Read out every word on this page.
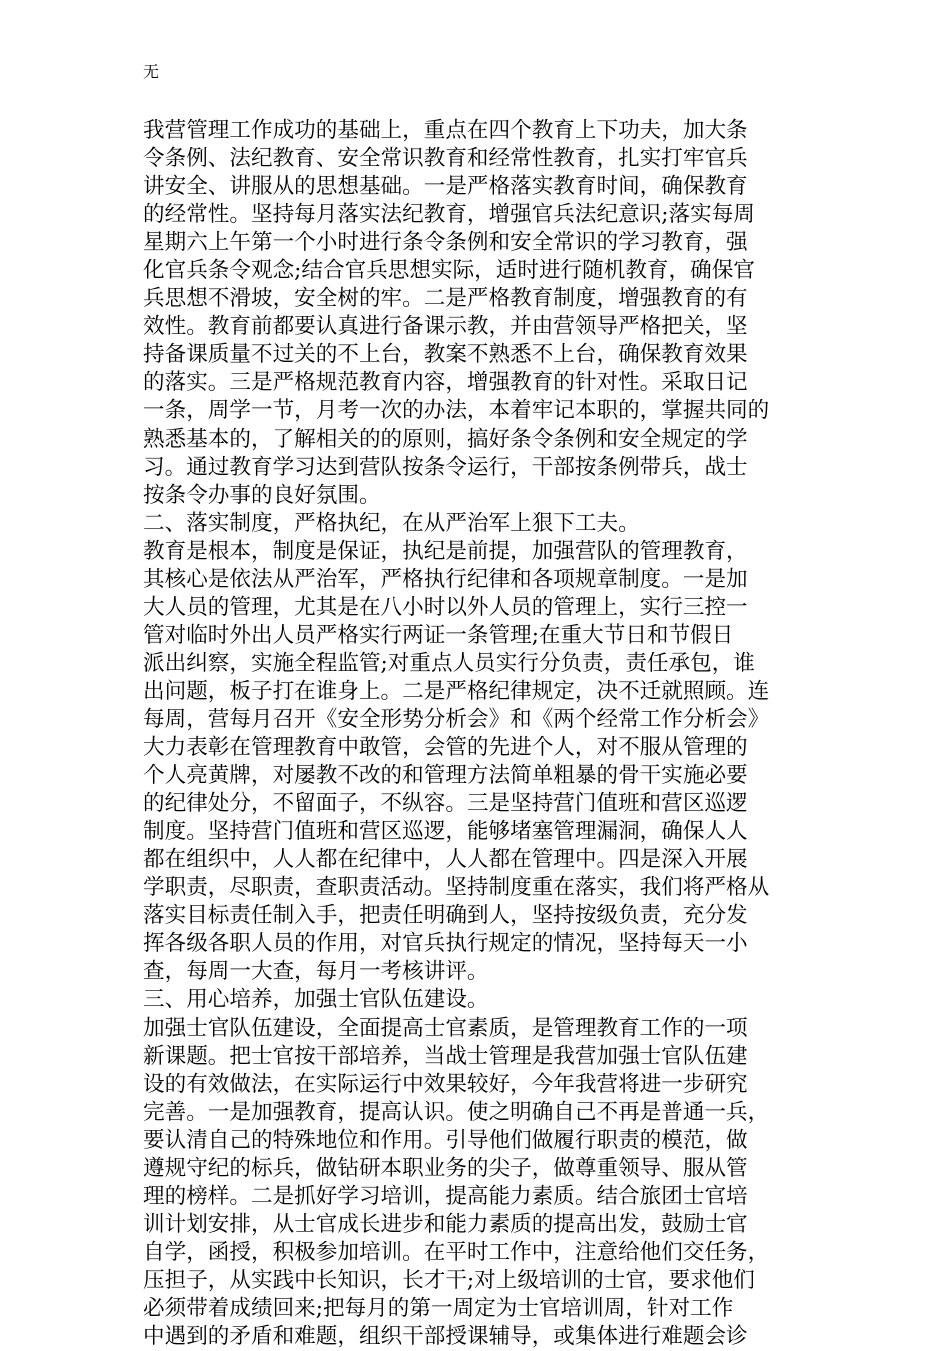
无
我营管理工作成功的基础上，重点在四个教育上下功夫，加大条
令条例、法纪教育、安全常识教育和经常性教育，扎实打牢官兵
讲安全、讲服从的思想基础。一是严格落实教育时间，确保教育
的经常性。坚持每月落实法纪教育，增强官兵法纪意识;落实每周
星期六上午第一个小时进行条令条例和安全常识的学习教育，强
化官兵条令观念;结合官兵思想实际，适时进行随机教育，确保官
兵思想不滑坡，安全树的牢。二是严格教育制度，增强教育的有
效性。教育前都要认真进行备课示教，并由营领导严格把关，坚
持备课质量不过关的不上台，教案不熟悉不上台，确保教育效果
的落实。三是严格规范教育内容，增强教育的针对性。采取日记
一条，周学一节，月考一次的办法，本着牢记本职的，掌握共同的
熟悉基本的，了解相关的的原则，搞好条令条例和安全规定的学
习。通过教育学习达到营队按条令运行，干部按条例带兵，战士
按条令办事的良好氛围。
二、落实制度，严格执纪，在从严治军上狠下工夫。
教育是根本，制度是保证，执纪是前提，加强营队的管理教育，
其核心是依法从严治军，严格执行纪律和各项规章制度。一是加
大人员的管理，尤其是在八小时以外人员的管理上，实行三控一
管对临时外出人员严格实行两证一条管理;在重大节日和节假日
派出纠察，实施全程监管;对重点人员实行分负责，责任承包，谁
出问题，板子打在谁身上。二是严格纪律规定，决不迁就照顾。连
每周，营每月召开《安全形势分析会》和《两个经常工作分析会》
大力表彰在管理教育中敢管，会管的先进个人，对不服从管理的
个人亮黄牌，对屡教不改的和管理方法简单粗暴的骨干实施必要
的纪律处分，不留面子，不纵容。三是坚持营门值班和营区巡逻
制度。坚持营门值班和营区巡逻，能够堵塞管理漏洞，确保人人
都在组织中，人人都在纪律中，人人都在管理中。四是深入开展
学职责，尽职责，查职责活动。坚持制度重在落实，我们将严格从
落实目标责任制入手，把责任明确到人，坚持按级负责，充分发
挥各级各职人员的作用，对官兵执行规定的情况，坚持每天一小
查，每周一大查，每月一考核讲评。
三、用心培养，加强士官队伍建设。
加强士官队伍建设，全面提高士官素质，是管理教育工作的一项
新课题。把士官按干部培养，当战士管理是我营加强士官队伍建
设的有效做法，在实际运行中效果较好，今年我营将进一步研究
完善。一是加强教育，提高认识。使之明确自己不再是普通一兵，
要认清自己的特殊地位和作用。引导他们做履行职责的模范，做
遵规守纪的标兵，做钻研本职业务的尖子，做尊重领导、服从管
理的榜样。二是抓好学习培训，提高能力素质。结合旅团士官培
训计划安排，从士官成长进步和能力素质的提高出发，鼓励士官
自学，函授，积极参加培训。在平时工作中，注意给他们交任务，
压担子，从实践中长知识，长才干;对上级培训的士官，要求他们
必须带着成绩回来;把每月的第一周定为士官培训周，针对工作
中遇到的矛盾和难题，组织干部授课辅导，或集体进行难题会诊
